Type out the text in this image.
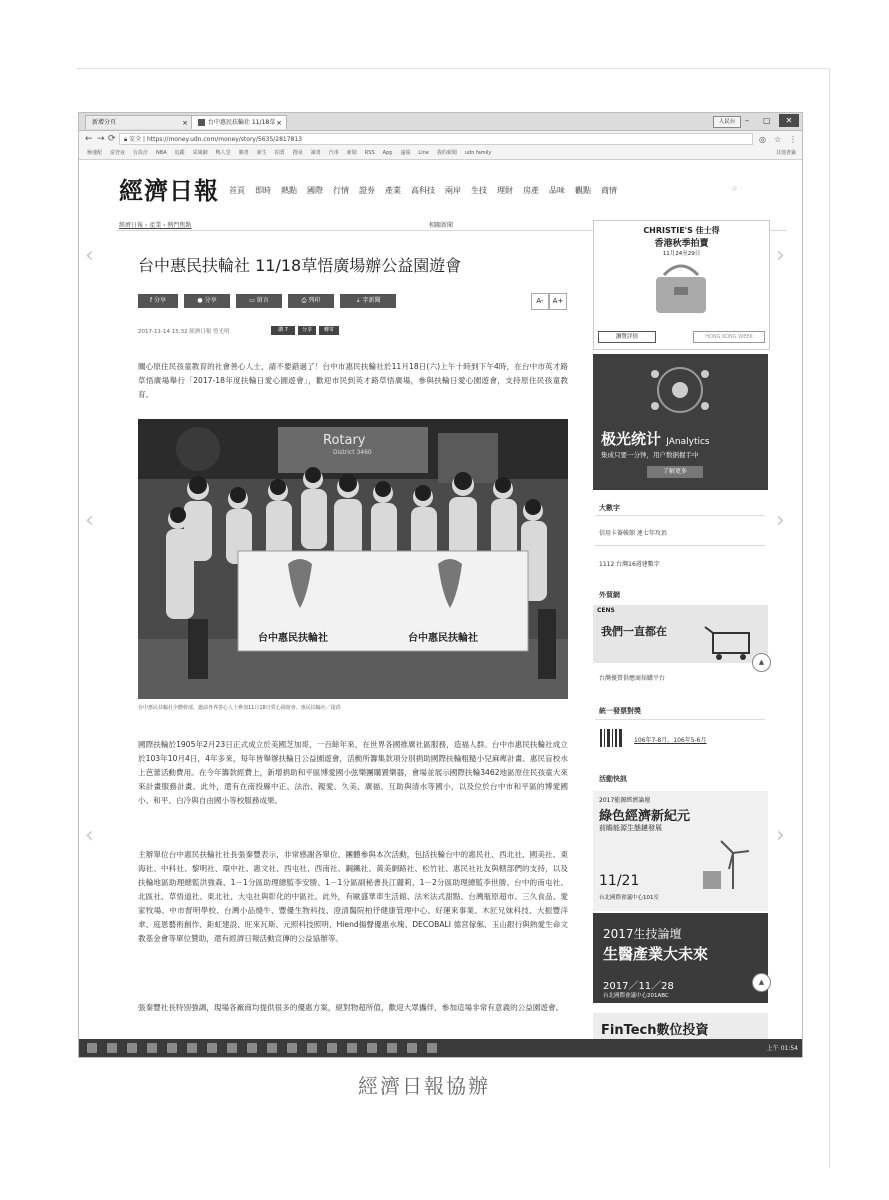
新增分頁	×	台中惠民扶輪社 11/18草 ×	人民台	– ▢	✕
← → ⟳	🔒︎ 安全 | https://money.udn.com/money/story/5635/2817813	◎ ☆ ⋮
極速配 富登夜 有設計 NBA 追蹤 采風網 鴨人堂 臉書 新生 拍賣 搜尋 讀書 汽車 新聞 RSS App 遠端 Line 我的新聞 udn family	其他書籤
經濟日報 首頁 即時 熱點 國際 行情 證券 產業 高科技 兩岸 生技 理財 房產 品味 觀點 商情	⌕
經濟日報 › 產業 › 熱門焦點	相關新聞
‹
‹
‹
›
›
›
台中惠民扶輪社 11/18草悟廣場辦公益園遊會
f 分享	● 分享	▭ 留言	⎙ 列印	⇣ 字新聞	A-	A+
2017-11-14 15:32 經濟日報 曾光明	讚 7	分享	轉寄

關心原住民孩童教育的社會善心人士，請不要錯過了！台中市惠民扶輪社於11月18日(六)上午十時到下午4時，在台中市英才路草悟廣場舉行「2017-18年度扶輪日愛心園遊會」，歡迎市民到英才路草悟廣場，參與扶輪日愛心園遊會，支持原住民孩童教育。

Rotary
District 3460
台中惠民扶輪社	台中惠民扶輪社
台中惠民扶輪社全體幹部，邀請各界善心人士參加11月18日愛心園遊會。惠民扶輪社／提供

國際扶輪於1905年2月23日正式成立於美國芝加哥，一百餘年來，在世界各國推廣社區服務，造福人群。台中市惠民扶輪社成立於103年10月4日，4年多來，每年皆舉辦扶輪日公益園遊會，活動所籌集款項分別捐助國際扶輪粗糙小兒麻痺計畫、惠民盲校水上芭蕾活動費用。在今年籌款經費上，新增捐助和平區博愛國小弦樂團購置樂器，會場並展示國際扶輪3462地區原住民孩童大來來計畫服務計畫。此外，還有在南投縣中正、法治、親愛、久美、廣福、互助與清水等國小，以及位於台中市和平區的博愛國小、和平、白冷與自由國小等校服務成果。

主辦單位台中惠民扶輪社社長張秦豐表示，非常感謝各單位、團體參與本次活動，包括扶輪台中的惠民社、西北社、國美社、東海社、中科社、黎明社、環中社、惠文社、西屯社、西南社、鋼鐵社、黃美網路社、松竹社、惠民社社友與轄部們的支持，以及扶輪地區助理總監洪強森、1－1分區助理總監李安勝、1－1分區副秘書長江麗莉、1－2分區助理總監李世勝、台中的南屯社、北區社、草悟道社、東北社、大屯社與彰化的中區社。此外，有歐盛華車生活館、法米法式甜點、台灣瓶原超市、三久食品、愛家牧場、中市督明學校、台灣小品燒牛、豐優生物科技、澄清醫院柏伃健康管理中心、好運來事業、木匠兄妹科技、大振豐洋傘、庭恩藝術創作、鉅虹建設、旺來瓦斯、元照科技照明、Hiend揚聲優惠水塊、DECOBALI 德宮傢俬、玉山銀行與熱愛生命文教基金會等單位贊助，還有經濟日報活動宣傳的公益協辦等。

張秦豐社長特別強調，現場各廠商均提供很多的優惠方案，絕對物超所值，歡迎大眾攜伴，參加這場非常有意義的公益園遊會。

CHRISTIE'S 佳士得
香港秋季拍賣
11月24至29日
瀏覽詳情	HONG KONG WEEK
极光统计 JAnalytics
集成只要一分钟，用户数据握手中
了解更多
大數字
信用卡簽帳額 連七年攻頂
1112 台灣16週建數字
外貿網
CENS
我們一直都在
台灣優質供應商採購平台
▲
統一發票對獎
106年7-8月、106年5-6月
活動快訊
2017能源經濟論壇
綠色經濟新紀元
前瞻能源生態鏈發展
11/21
台北國際會議中心101室
2017生技論壇
生醫產業大未來
2017／11／28
台北國際會議中心201ABC
▲
FinTech數位投資
上午 01:54
經濟日報協辦
